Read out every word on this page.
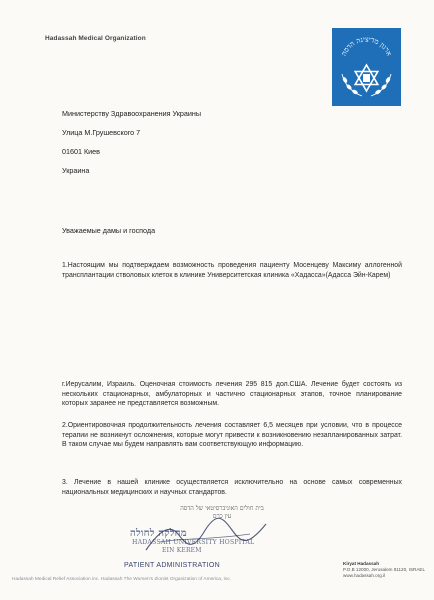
Hadassah Medical Organization
ארגון מדיצינה הדסה
Министерству Здравоохранения Украины
Улица М.Грушевского 7
01601 Киев
Украина
Уважаемые дамы и господа
1.Настоящим мы подтверждаем возможность проведения пациенту Мосенцеву Максиму аллогенной трансплантации стволовых клеток в клинике Университетская клиника «Хадасса»(Адасса Эйн-Карем)
г.Иерусалим, Израиль. Оценочная стоимость лечения 295 815 дол.США. Лечение будет состоять из нескольких стационарных, амбулаторных и частично стационарных этапов, точное планирование которых заранее не представляется возможным.
2.Ориентировочная продолжительность лечения составляет 6,5 месяцев при условии, что в процессе терапии не возникнут осложнения, которые могут привести к возникновению незапланированных затрат. В таком случае мы будем направлять вам соответствующую информацию.
3. Лечение в нашей клинике осуществляется исключительно на основе самых современных национальных медицинских и научных стандартов.
בית חולים האוניברסיטאי של הדסה
עין כרם
מחלקה לחולה
HADASSAH UNIVERSITY HOSPITAL
EIN KEREM
PATIENT ADMINISTRATION
Hadassah Medical Relief Association inc. Hadassah The Women's Zionist Organization of America, inc.
Kiryat Hadassah
P.O.B 12000, Jerusalem 91120, ISRAEL
www.hadassah.org.il
